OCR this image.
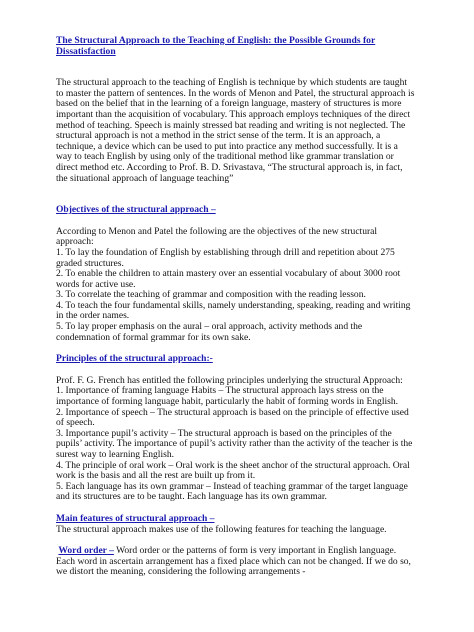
The Structural Approach to the Teaching of English: the Possible Grounds for
Dissatisfaction
The structural approach to the teaching of English is technique by which students are taught
to master the pattern of sentences. In the words of Menon and Patel, the structural approach is
based on the belief that in the learning of a foreign language, mastery of structures is more
important than the acquisition of vocabulary. This approach employs techniques of the direct
method of teaching. Speech is mainly stressed bat reading and writing is not neglected. The
structural approach is not a method in the strict sense of the term. It is an approach, a
technique, a device which can be used to put into practice any method successfully. It is a
way to teach English by using only of the traditional method like grammar translation or
direct method etc. According to Prof. B. D. Srivastava, “The structural approach is, in fact,
the situational approach of language teaching”
Objectives of the structural approach –
According to Menon and Patel the following are the objectives of the new structural
approach:
1. To lay the foundation of English by establishing through drill and repetition about 275
graded structures.
2. To enable the children to attain mastery over an essential vocabulary of about 3000 root
words for active use.
3. To correlate the teaching of grammar and composition with the reading lesson.
4. To teach the four fundamental skills, namely understanding, speaking, reading and writing
in the order names.
5. To lay proper emphasis on the aural – oral approach, activity methods and the
condemnation of formal grammar for its own sake.
Principles of the structural approach:-
Prof. F. G. French has entitled the following principles underlying the structural Approach:
1. Importance of framing language Habits – The structural approach lays stress on the
importance of forming language habit, particularly the habit of forming words in English.
2. Importance of speech – The structural approach is based on the principle of effective used
of speech.
3. Importance pupil’s activity – The structural approach is based on the principles of the
pupils’ activity. The importance of pupil’s activity rather than the activity of the teacher is the
surest way to learning English.
4. The principle of oral work – Oral work is the sheet anchor of the structural approach. Oral
work is the basis and all the rest are built up from it.
5. Each language has its own grammar – Instead of teaching grammar of the target language
and its structures are to be taught. Each language has its own grammar.
Main features of structural approach –
The structural approach makes use of the following features for teaching the language.
Word order – Word order or the patterns of form is very important in English language.
Each word in ascertain arrangement has a fixed place which can not be changed. If we do so,
we distort the meaning, considering the following arrangements -
